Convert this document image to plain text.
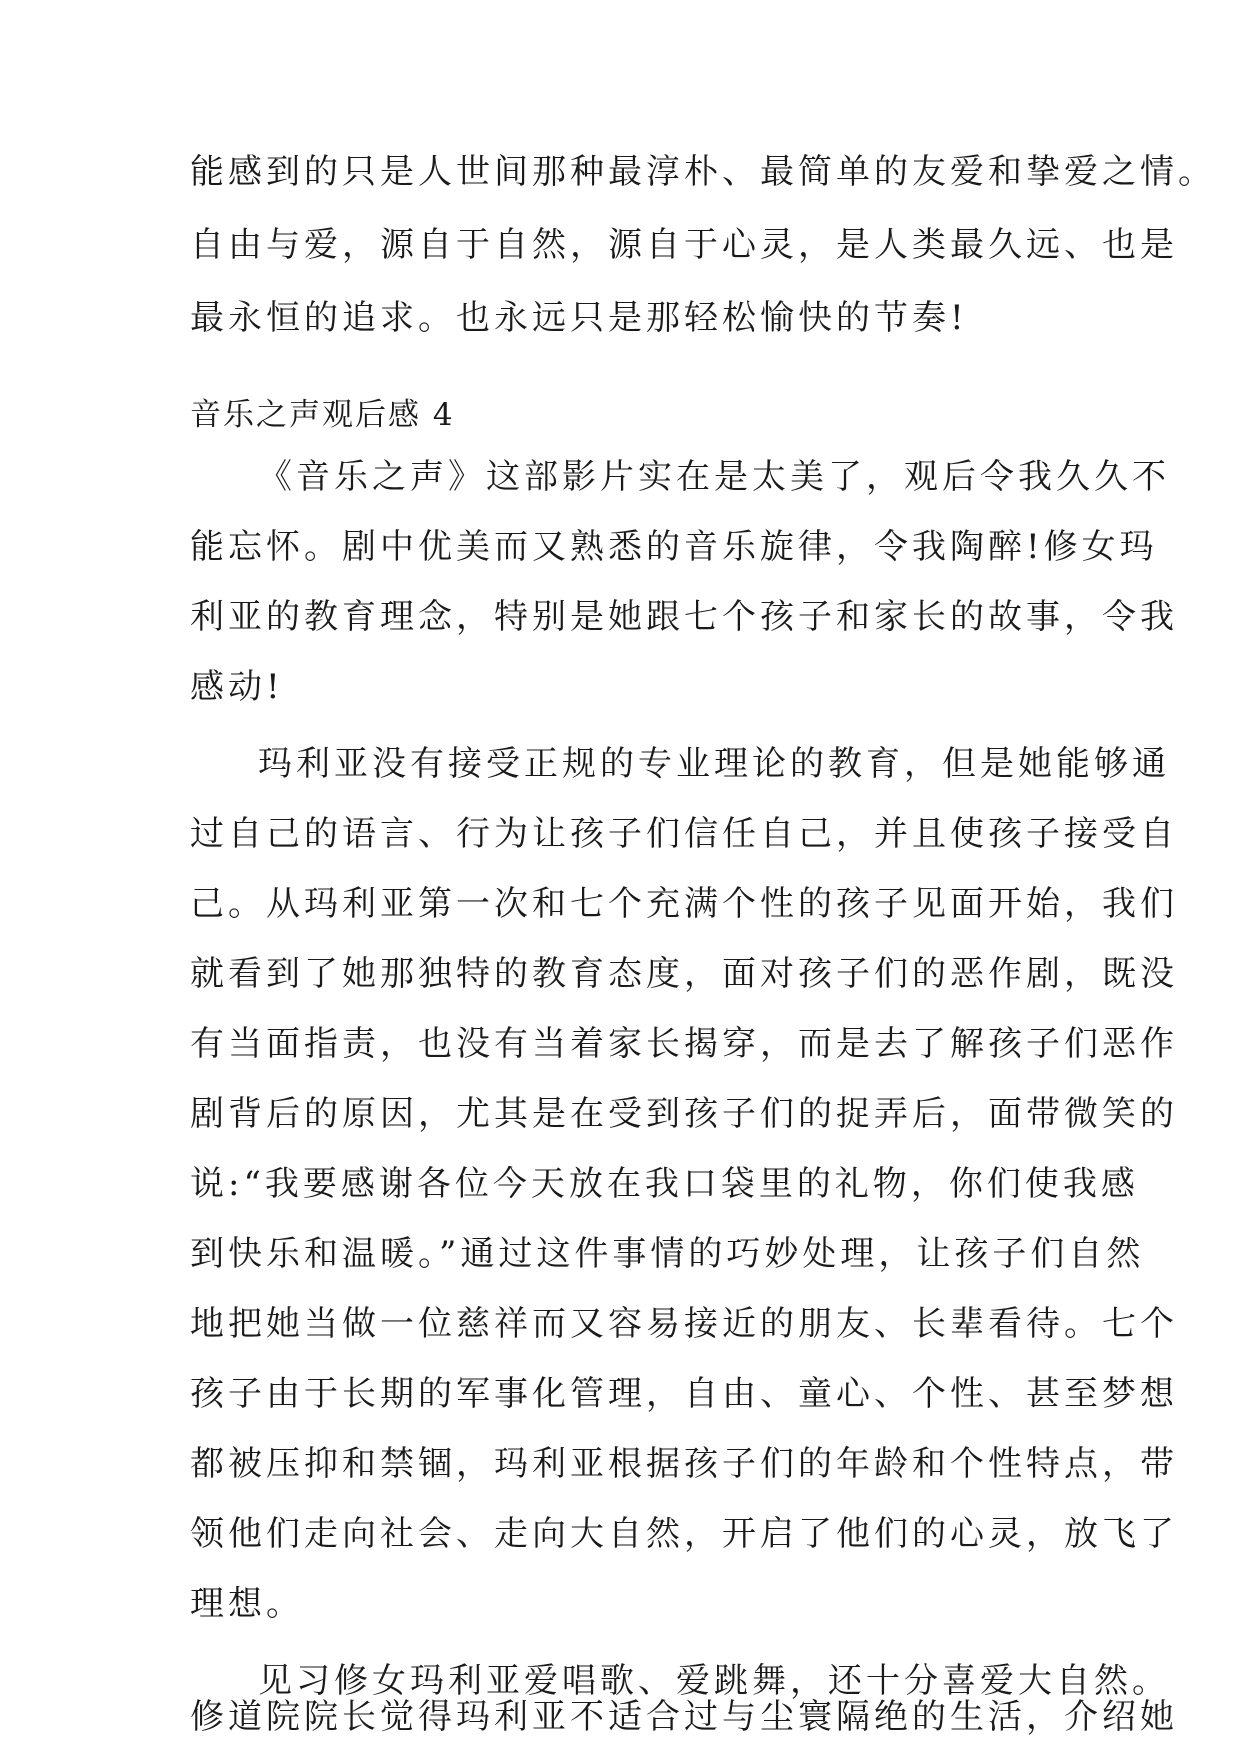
能感到的只是人世间那种最淳朴、最简单的友爱和挚爱之情。
自由与爱，源自于自然，源自于心灵，是人类最久远、也是
最永恒的追求。也永远只是那轻松愉快的节奏!
音乐之声观后感 4
《音乐之声》这部影片实在是太美了，观后令我久久不
能忘怀。剧中优美而又熟悉的音乐旋律，令我陶醉!修女玛
利亚的教育理念，特别是她跟七个孩子和家长的故事，令我
感动!
玛利亚没有接受正规的专业理论的教育，但是她能够通
过自己的语言、行为让孩子们信任自己，并且使孩子接受自
己。从玛利亚第一次和七个充满个性的孩子见面开始，我们
就看到了她那独特的教育态度，面对孩子们的恶作剧，既没
有当面指责，也没有当着家长揭穿，而是去了解孩子们恶作
剧背后的原因，尤其是在受到孩子们的捉弄后，面带微笑的
说:“我要感谢各位今天放在我口袋里的礼物，你们使我感
到快乐和温暖。”通过这件事情的巧妙处理，让孩子们自然
地把她当做一位慈祥而又容易接近的朋友、长辈看待。七个
孩子由于长期的军事化管理，自由、童心、个性、甚至梦想
都被压抑和禁锢，玛利亚根据孩子们的年龄和个性特点，带
领他们走向社会、走向大自然，开启了他们的心灵，放飞了
理想。
见习修女玛利亚爱唱歌、爱跳舞，还十分喜爱大自然。
修道院院长觉得玛利亚不适合过与尘寰隔绝的生活，介绍她
